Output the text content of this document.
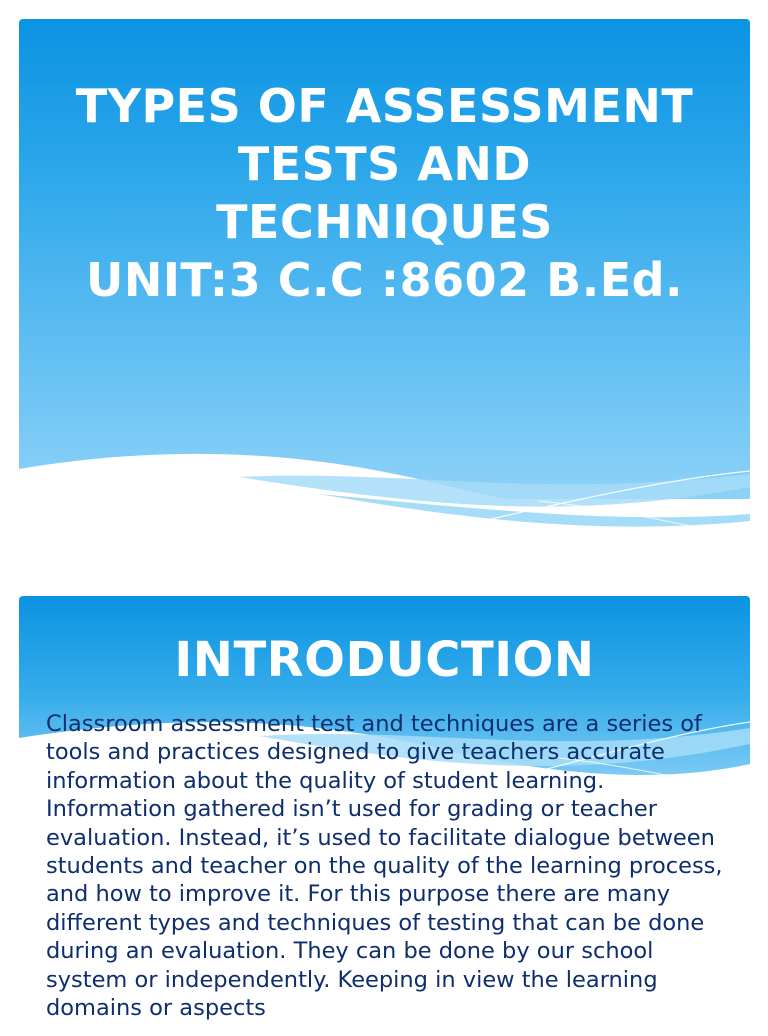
TYPES OF ASSESSMENT
TESTS AND
TECHNIQUES
UNIT:3 C.C :8602 B.Ed.
INTRODUCTION

Classroom assessment test and techniques are a series of tools and practices designed to give teachers accurate information about the quality of student learning. Information gathered isn’t used for grading or teacher evaluation. Instead, it’s used to facilitate dialogue between students and teacher on the quality of the learning process, and how to improve it. For this purpose there are many different types and techniques of testing that can be done during an evaluation. They can be done by our school system or independently. Keeping in view the learning domains or aspects
